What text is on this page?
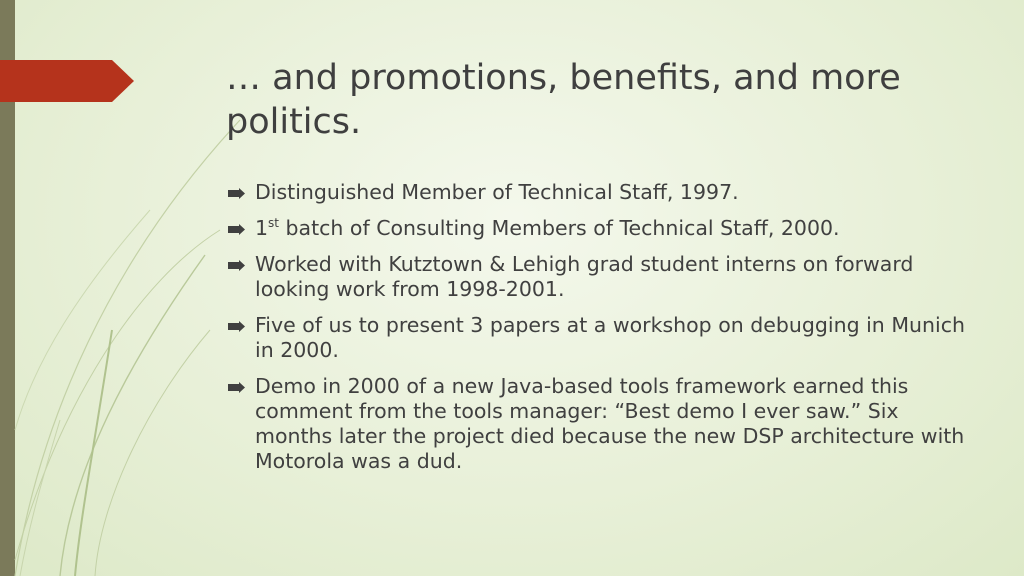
… and promotions, benefits, and more politics.
Distinguished Member of Technical Staff, 1997.
1st batch of Consulting Members of Technical Staff, 2000.
Worked with Kutztown & Lehigh grad student interns on forward looking work from 1998-2001.
Five of us to present 3 papers at a workshop on debugging in Munich in 2000.
Demo in 2000 of a new Java-based tools framework earned this comment from the tools manager: “Best demo I ever saw.” Six months later the project died because the new DSP architecture with Motorola was a dud.
